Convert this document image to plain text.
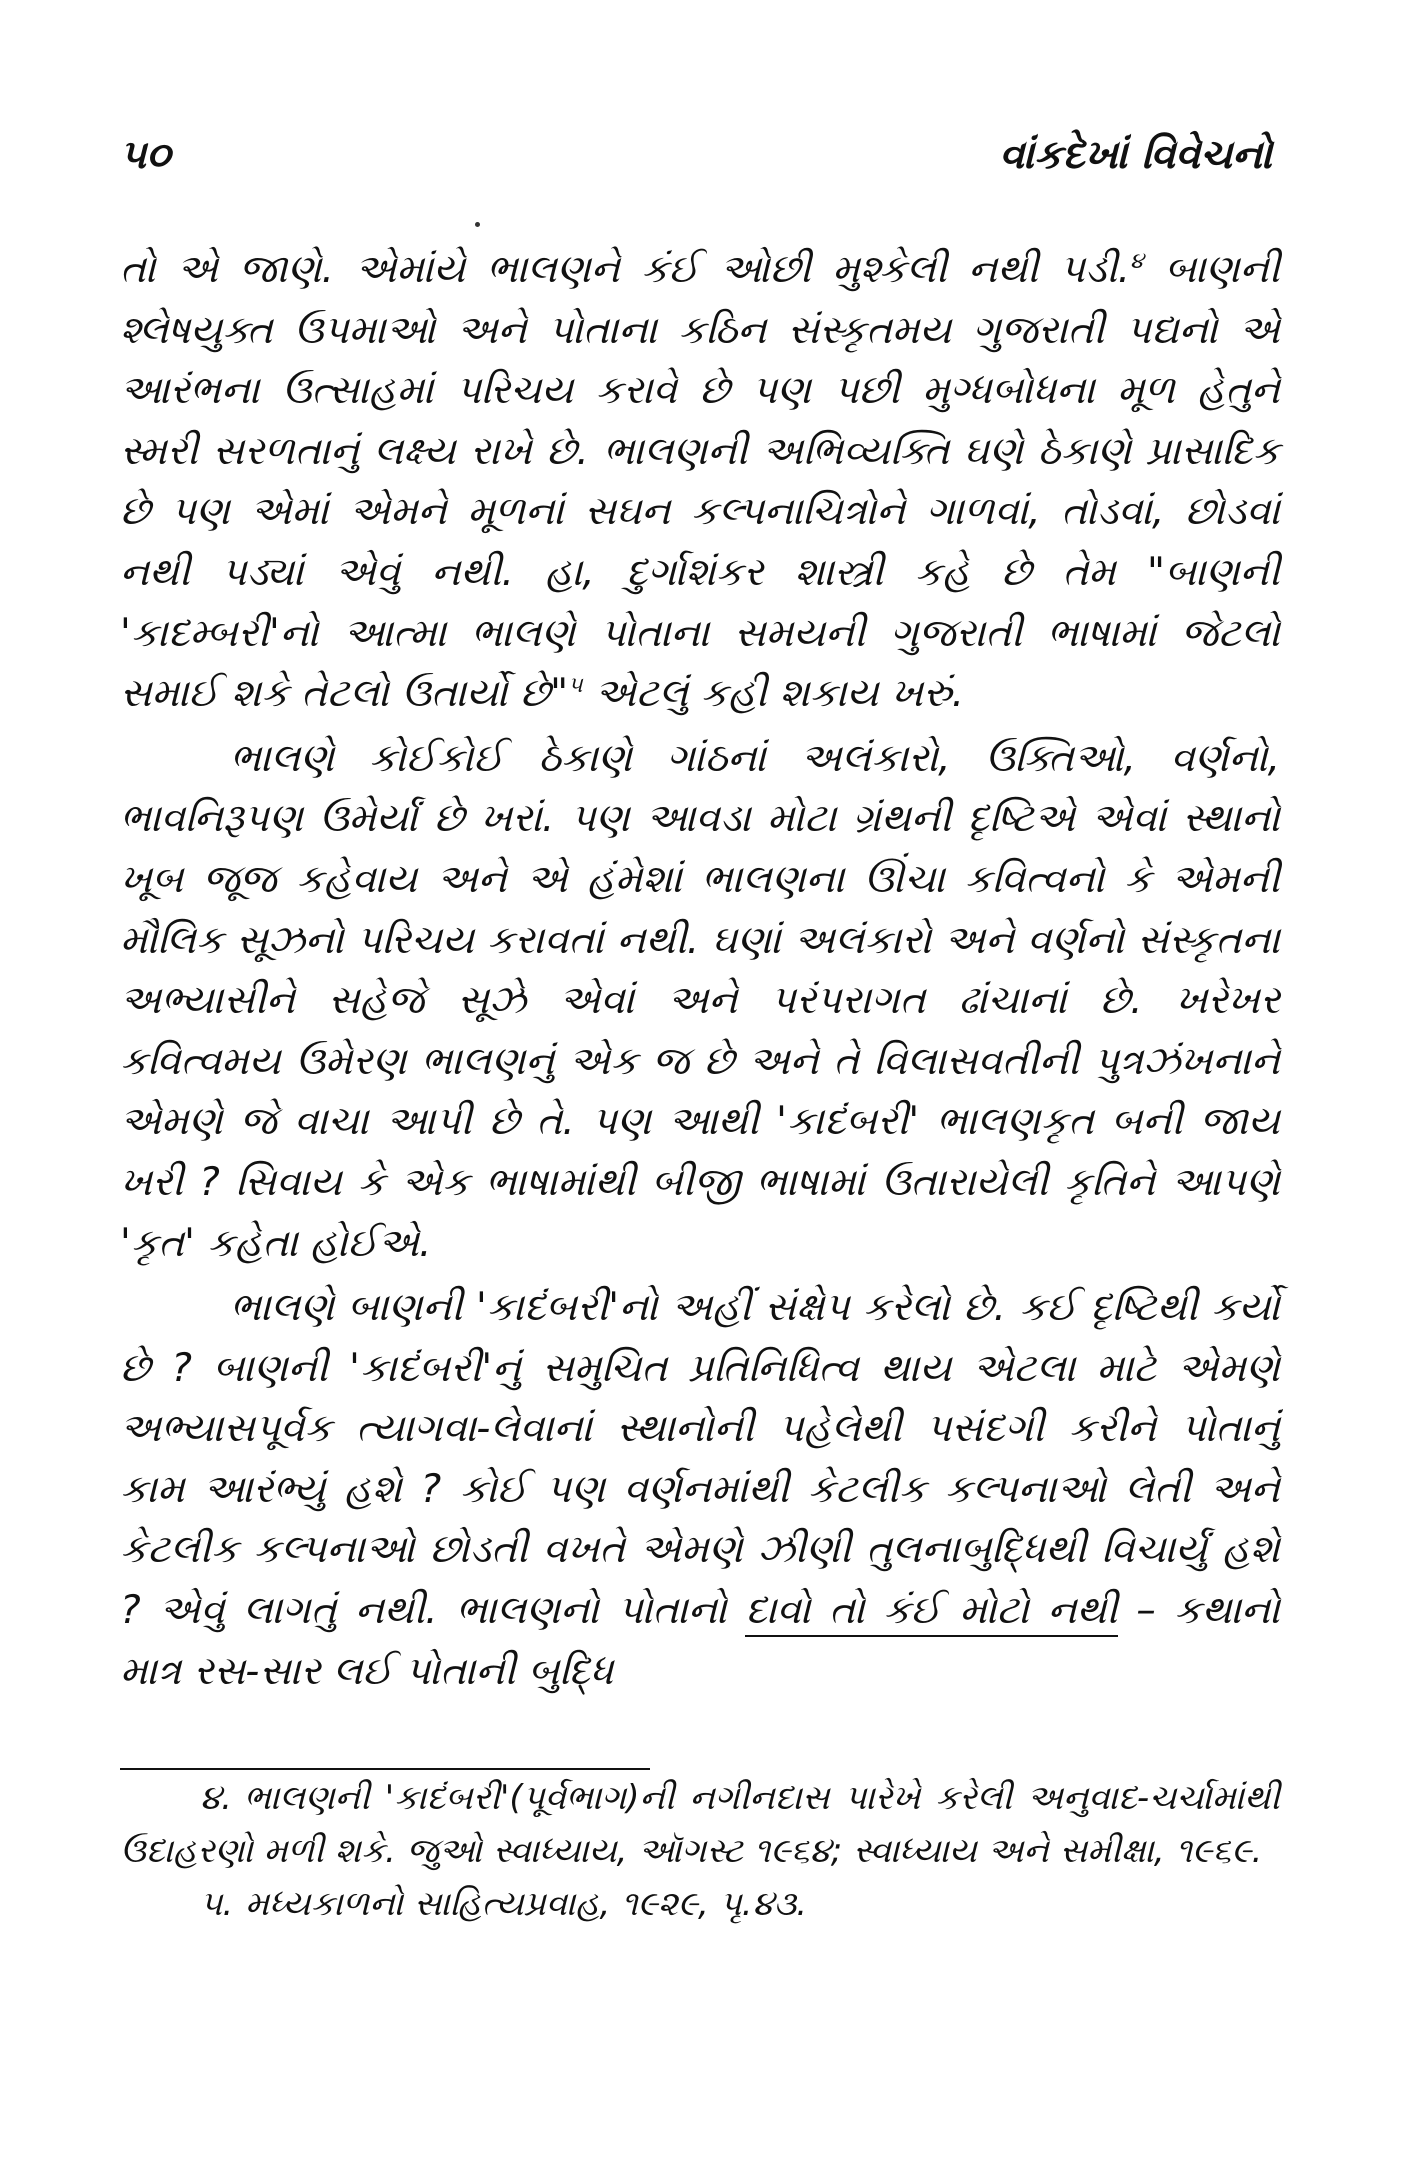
૫૦	વાંકદેખાં વિવેચનો

તો એ જાણે. એમાંયે ભાલણને કંઈ ઓછી મુશ્કેલી નથી પડી.$^૪$ બાણની શ્લેષયુક્ત ઉપમાઓ અને પોતાના કઠિન સંસ્કૃતમય ગુજરાતી પદ્યનો એ આરંભના ઉત્સાહમાં પરિચય કરાવે છે પણ પછી મુગ્ધબોધના મૂળ હેતુને સ્મરી સરળતાનું લક્ષ્ય રાખે છે. ભાલણની અભિવ્યક્તિ ઘણે ઠેકાણે પ્રાસાદિક છે પણ એમાં એમને મૂળનાં સઘન કલ્પનાચિત્રોને ગાળવાં, તોડવાં, છોડવાં નથી પડ્યાં એવું નથી. હા, દુર્ગાશંકર શાસ્ત્રી કહે છે તેમ "બાણની 'કાદમ્બરી'નો આત્મા ભાલણે પોતાના સમયની ગુજરાતી ભાષામાં જેટલો સમાઈ શકે તેટલો ઉતાર્યો છે"$^૫$ એટલું કહી શકાય ખરું.

ભાલણે કોઈકોઈ ઠેકાણે ગાંઠનાં અલંકારો, ઉક્તિઓ, વર્ણનો, ભાવનિરૂપણ ઉમેર્યાં છે ખરાં. પણ આવડા મોટા ગ્રંથની દૃષ્ટિએ એવાં સ્થાનો ખૂબ જૂજ કહેવાય અને એ હંમેશાં ભાલણના ઊંચા કવિત્વનો કે એમની મૌલિક સૂઝનો પરિચય કરાવતાં નથી. ઘણાં અલંકારો અને વર્ણનો સંસ્કૃતના અભ્યાસીને સહેજે સૂઝે એવાં અને પરંપરાગત ઢાંચાનાં છે. ખરેખર કવિત્વમય ઉમેરણ ભાલણનું એક જ છે અને તે વિલાસવતીની પુત્રઝંખનાને એમણે જે વાચા આપી છે તે. પણ આથી 'કાદંબરી' ભાલણકૃત બની જાય ખરી ? સિવાય કે એક ભાષામાંથી બીજી ભાષામાં ઉતારાયેલી કૃતિને આપણે 'કૃત' કહેતા હોઈએ.

ભાલણે બાણની 'કાદંબરી'નો અહીં સંક્ષેપ કરેલો છે. કઈ દૃષ્ટિથી કર્યો છે ? બાણની 'કાદંબરી'નું સમુચિત પ્રતિનિધિત્વ થાય એટલા માટે એમણે અભ્યાસપૂર્વક ત્યાગવા-લેવાનાં સ્થાનોની પહેલેથી પસંદગી કરીને પોતાનું કામ આરંભ્યું હશે ? કોઈ પણ વર્ણનમાંથી કેટલીક કલ્પનાઓ લેતી અને કેટલીક કલ્પનાઓ છોડતી વખતે એમણે ઝીણી તુલનાબુદ્ધિથી વિચાર્યું હશે ? એવું લાગતું નથી. ભાલણનો પોતાનો દાવો તો કંઈ મોટો નથી – કથાનો માત્ર રસ-સાર લઈ પોતાની બુદ્ધિ

૪. ભાલણની 'કાદંબરી'(પૂર્વભાગ)ની નગીનદાસ પારેખે કરેલી અનુવાદ-ચર્ચામાંથી ઉદાહરણો મળી શકે. જુઓ સ્વાધ્યાય, ઑગસ્ટ ૧૯૬૪; સ્વાધ્યાય અને સમીક્ષા, ૧૯૬૯.

૫. મધ્યકાળનો સાહિત્યપ્રવાહ, ૧૯૨૯, પૃ.૪૩.
